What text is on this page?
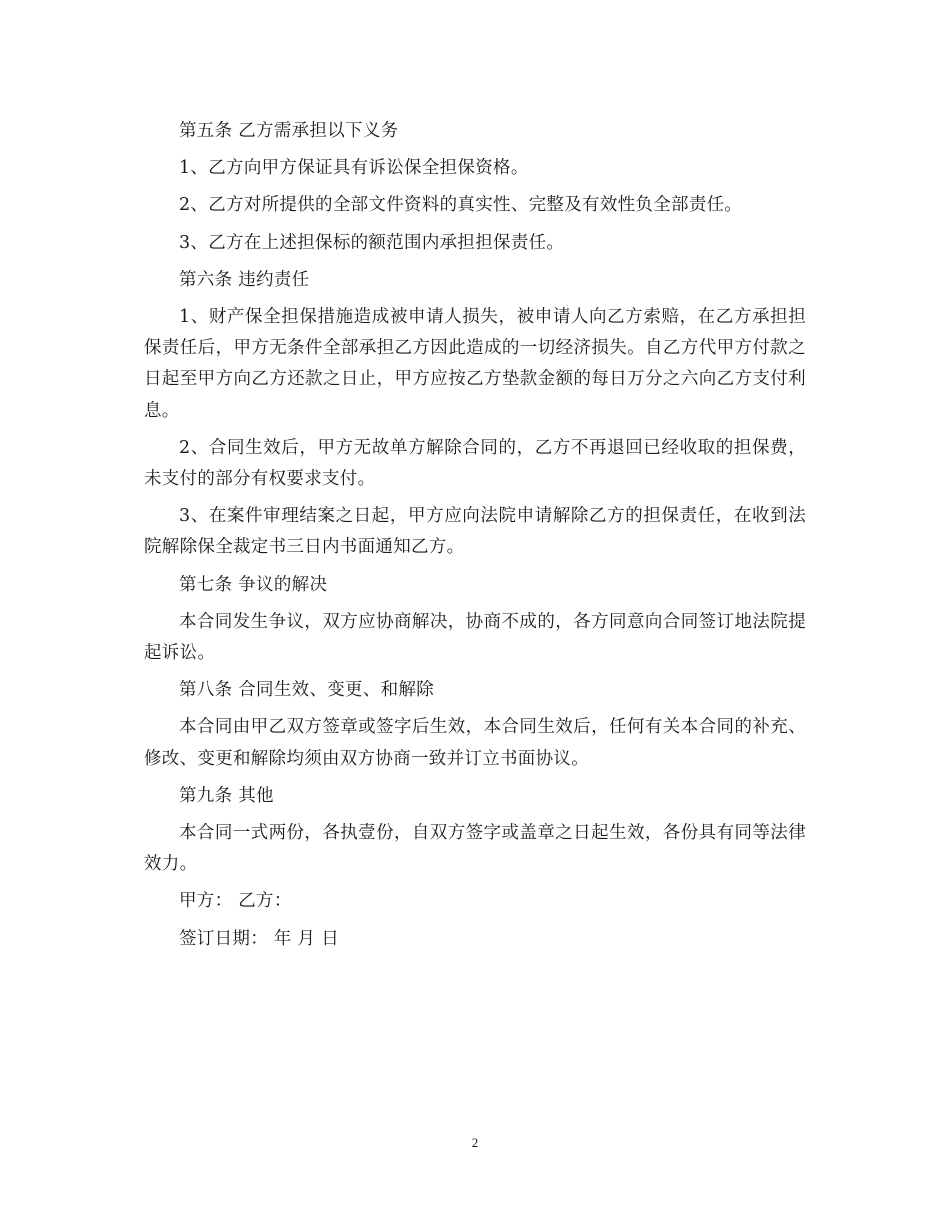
第五条 乙方需承担以下义务

1、乙方向甲方保证具有诉讼保全担保资格。

2、乙方对所提供的全部文件资料的真实性、完整及有效性负全部责任。

3、乙方在上述担保标的额范围内承担担保责任。

第六条 违约责任

1、财产保全担保措施造成被申请人损失，被申请人向乙方索赔，在乙方承担担保责任后，甲方无条件全部承担乙方因此造成的一切经济损失。自乙方代甲方付款之日起至甲方向乙方还款之日止，甲方应按乙方垫款金额的每日万分之六向乙方支付利息。

2、合同生效后，甲方无故单方解除合同的，乙方不再退回已经收取的担保费，未支付的部分有权要求支付。

3、在案件审理结案之日起，甲方应向法院申请解除乙方的担保责任，在收到法院解除保全裁定书三日内书面通知乙方。

第七条 争议的解决

本合同发生争议，双方应协商解决，协商不成的，各方同意向合同签订地法院提起诉讼。

第八条 合同生效、变更、和解除

本合同由甲乙双方签章或签字后生效，本合同生效后，任何有关本合同的补充、修改、变更和解除均须由双方协商一致并订立书面协议。

第九条 其他

本合同一式两份，各执壹份，自双方签字或盖章之日起生效，各份具有同等法律效力。

甲方： 乙方：

签订日期： 年 月 日

2
